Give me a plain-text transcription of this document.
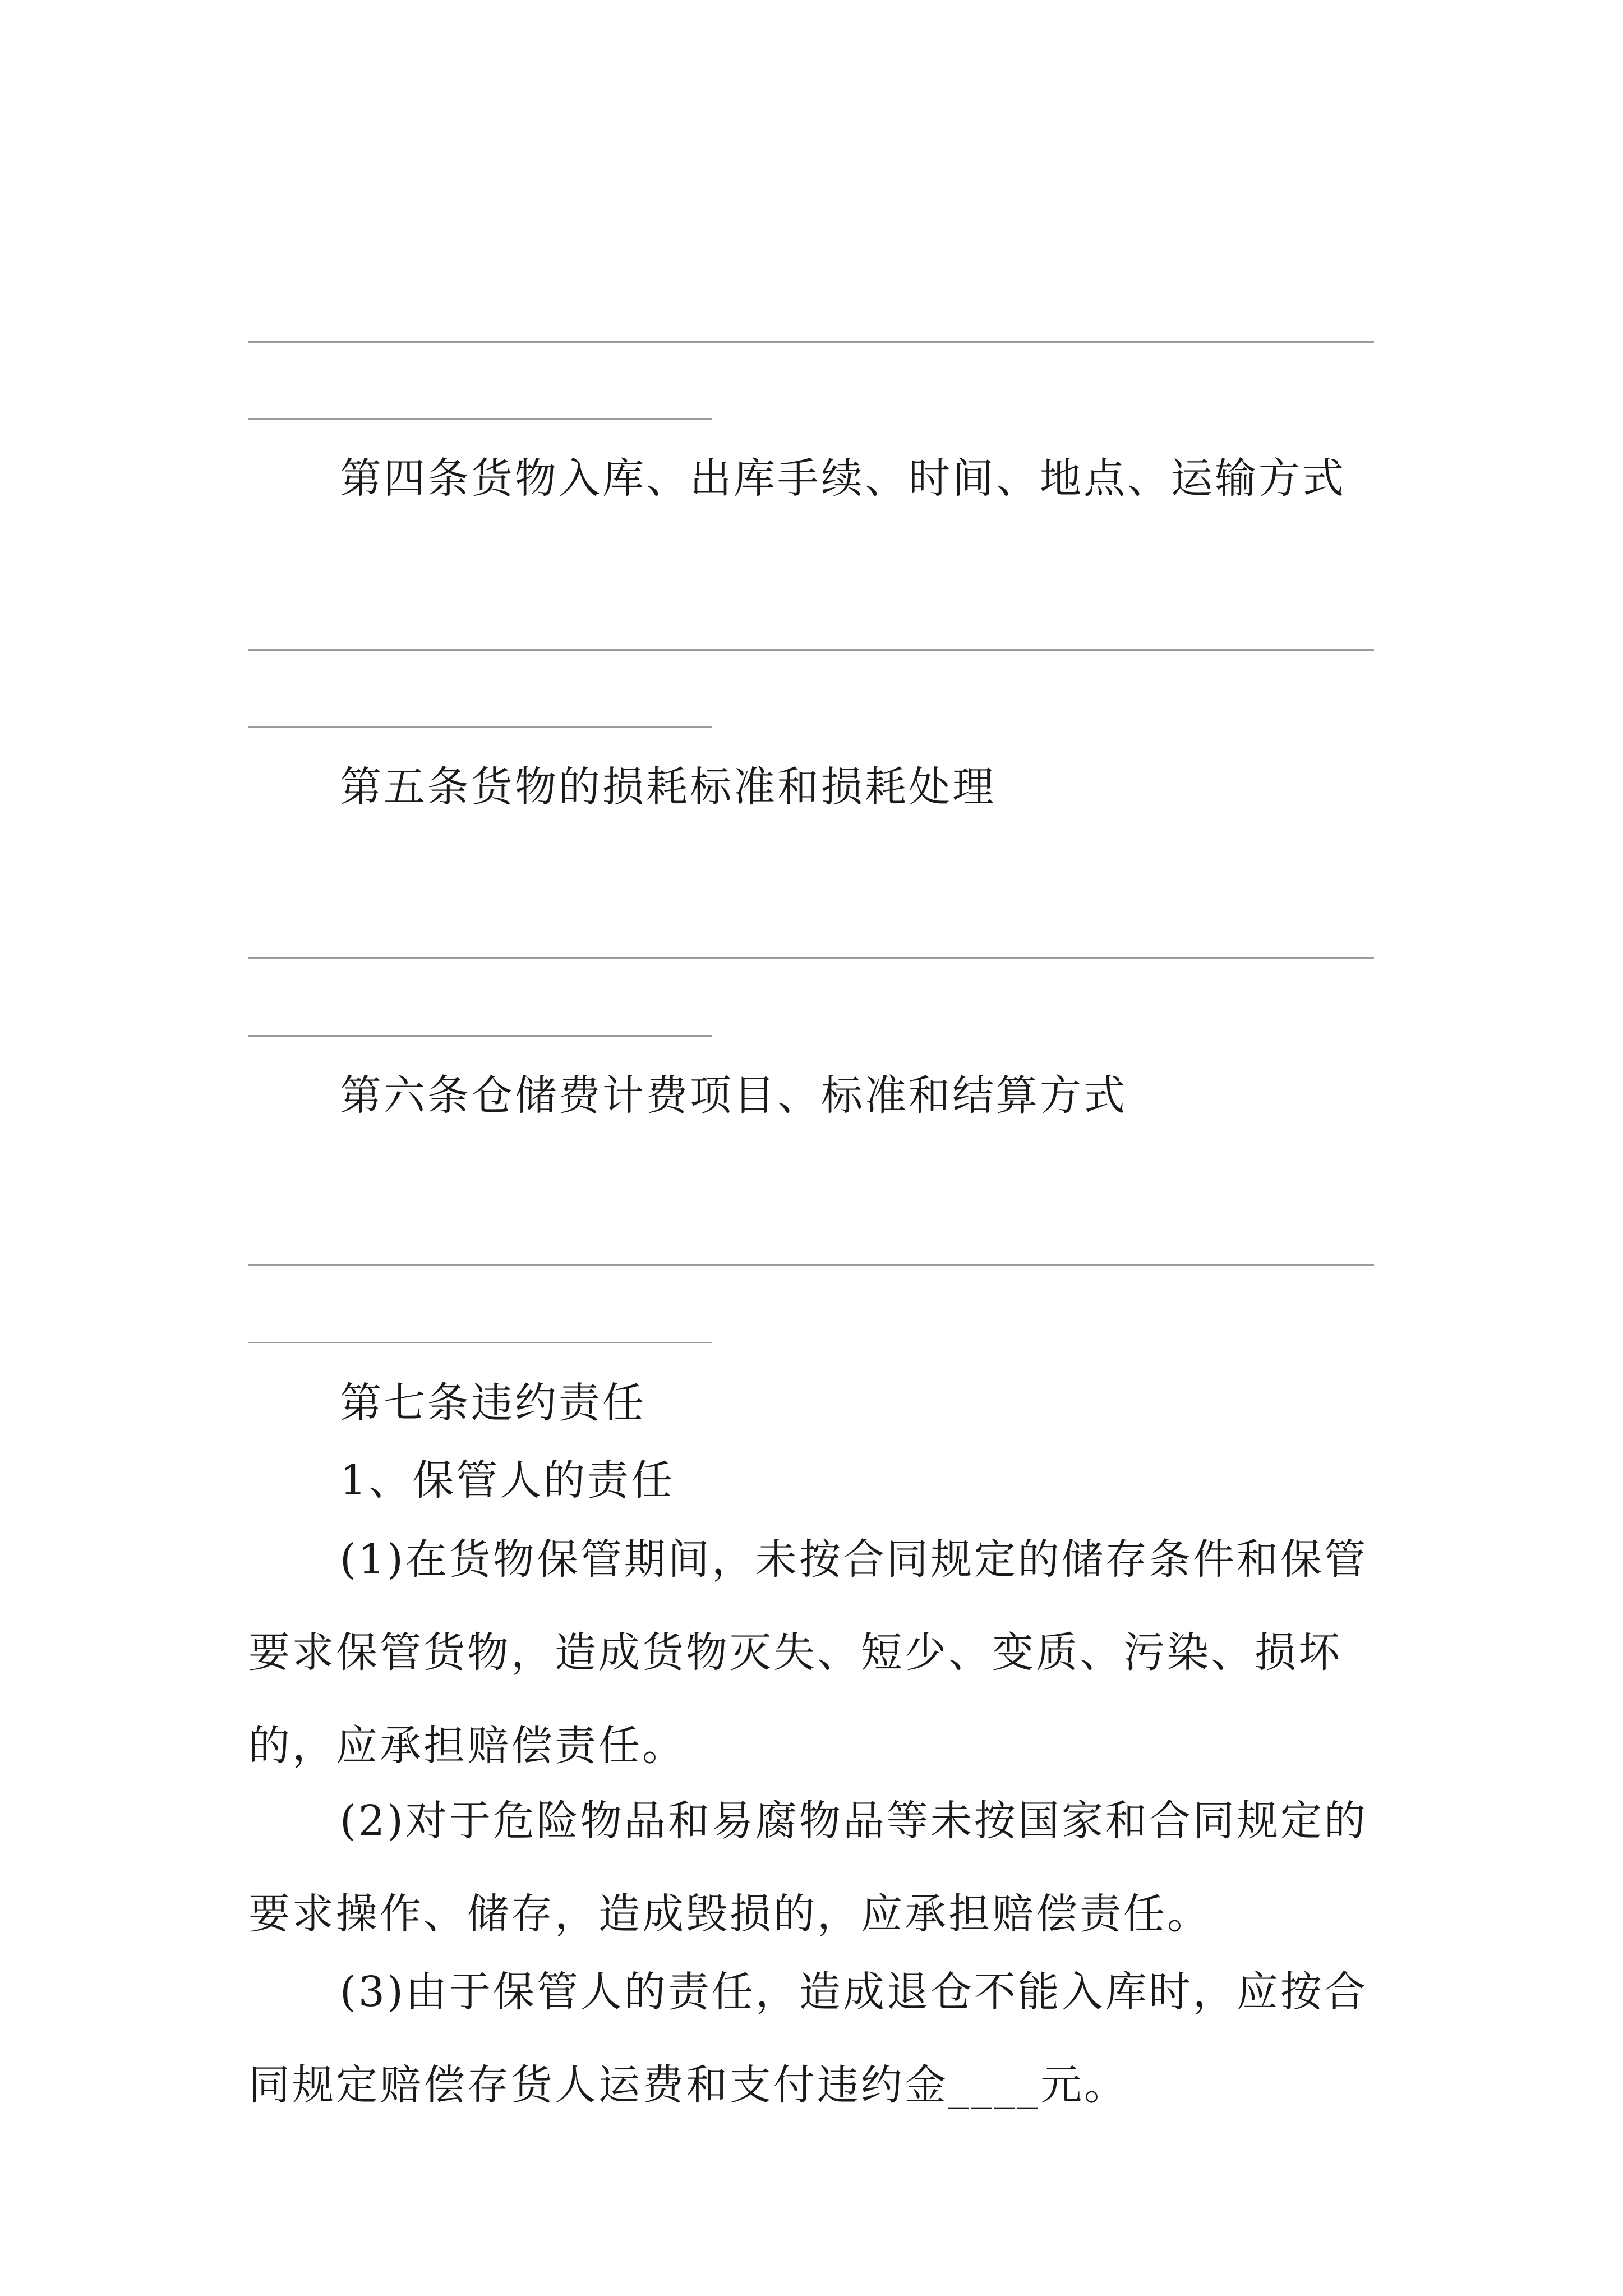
第四条货物入库、出库手续、时间、地点、运输方式

第五条货物的损耗标准和损耗处理

第六条仓储费计费项目、标准和结算方式

第七条违约责任

1、保管人的责任

(1)在货物保管期间，未按合同规定的储存条件和保管要求保管货物，造成货物灭失、短少、变质、污染、损坏的，应承担赔偿责任。

(2)对于危险物品和易腐物品等未按国家和合同规定的要求操作、储存，造成毁损的，应承担赔偿责任。

(3)由于保管人的责任，造成退仓不能入库时，应按合同规定赔偿存货人运费和支付违约金____元。
